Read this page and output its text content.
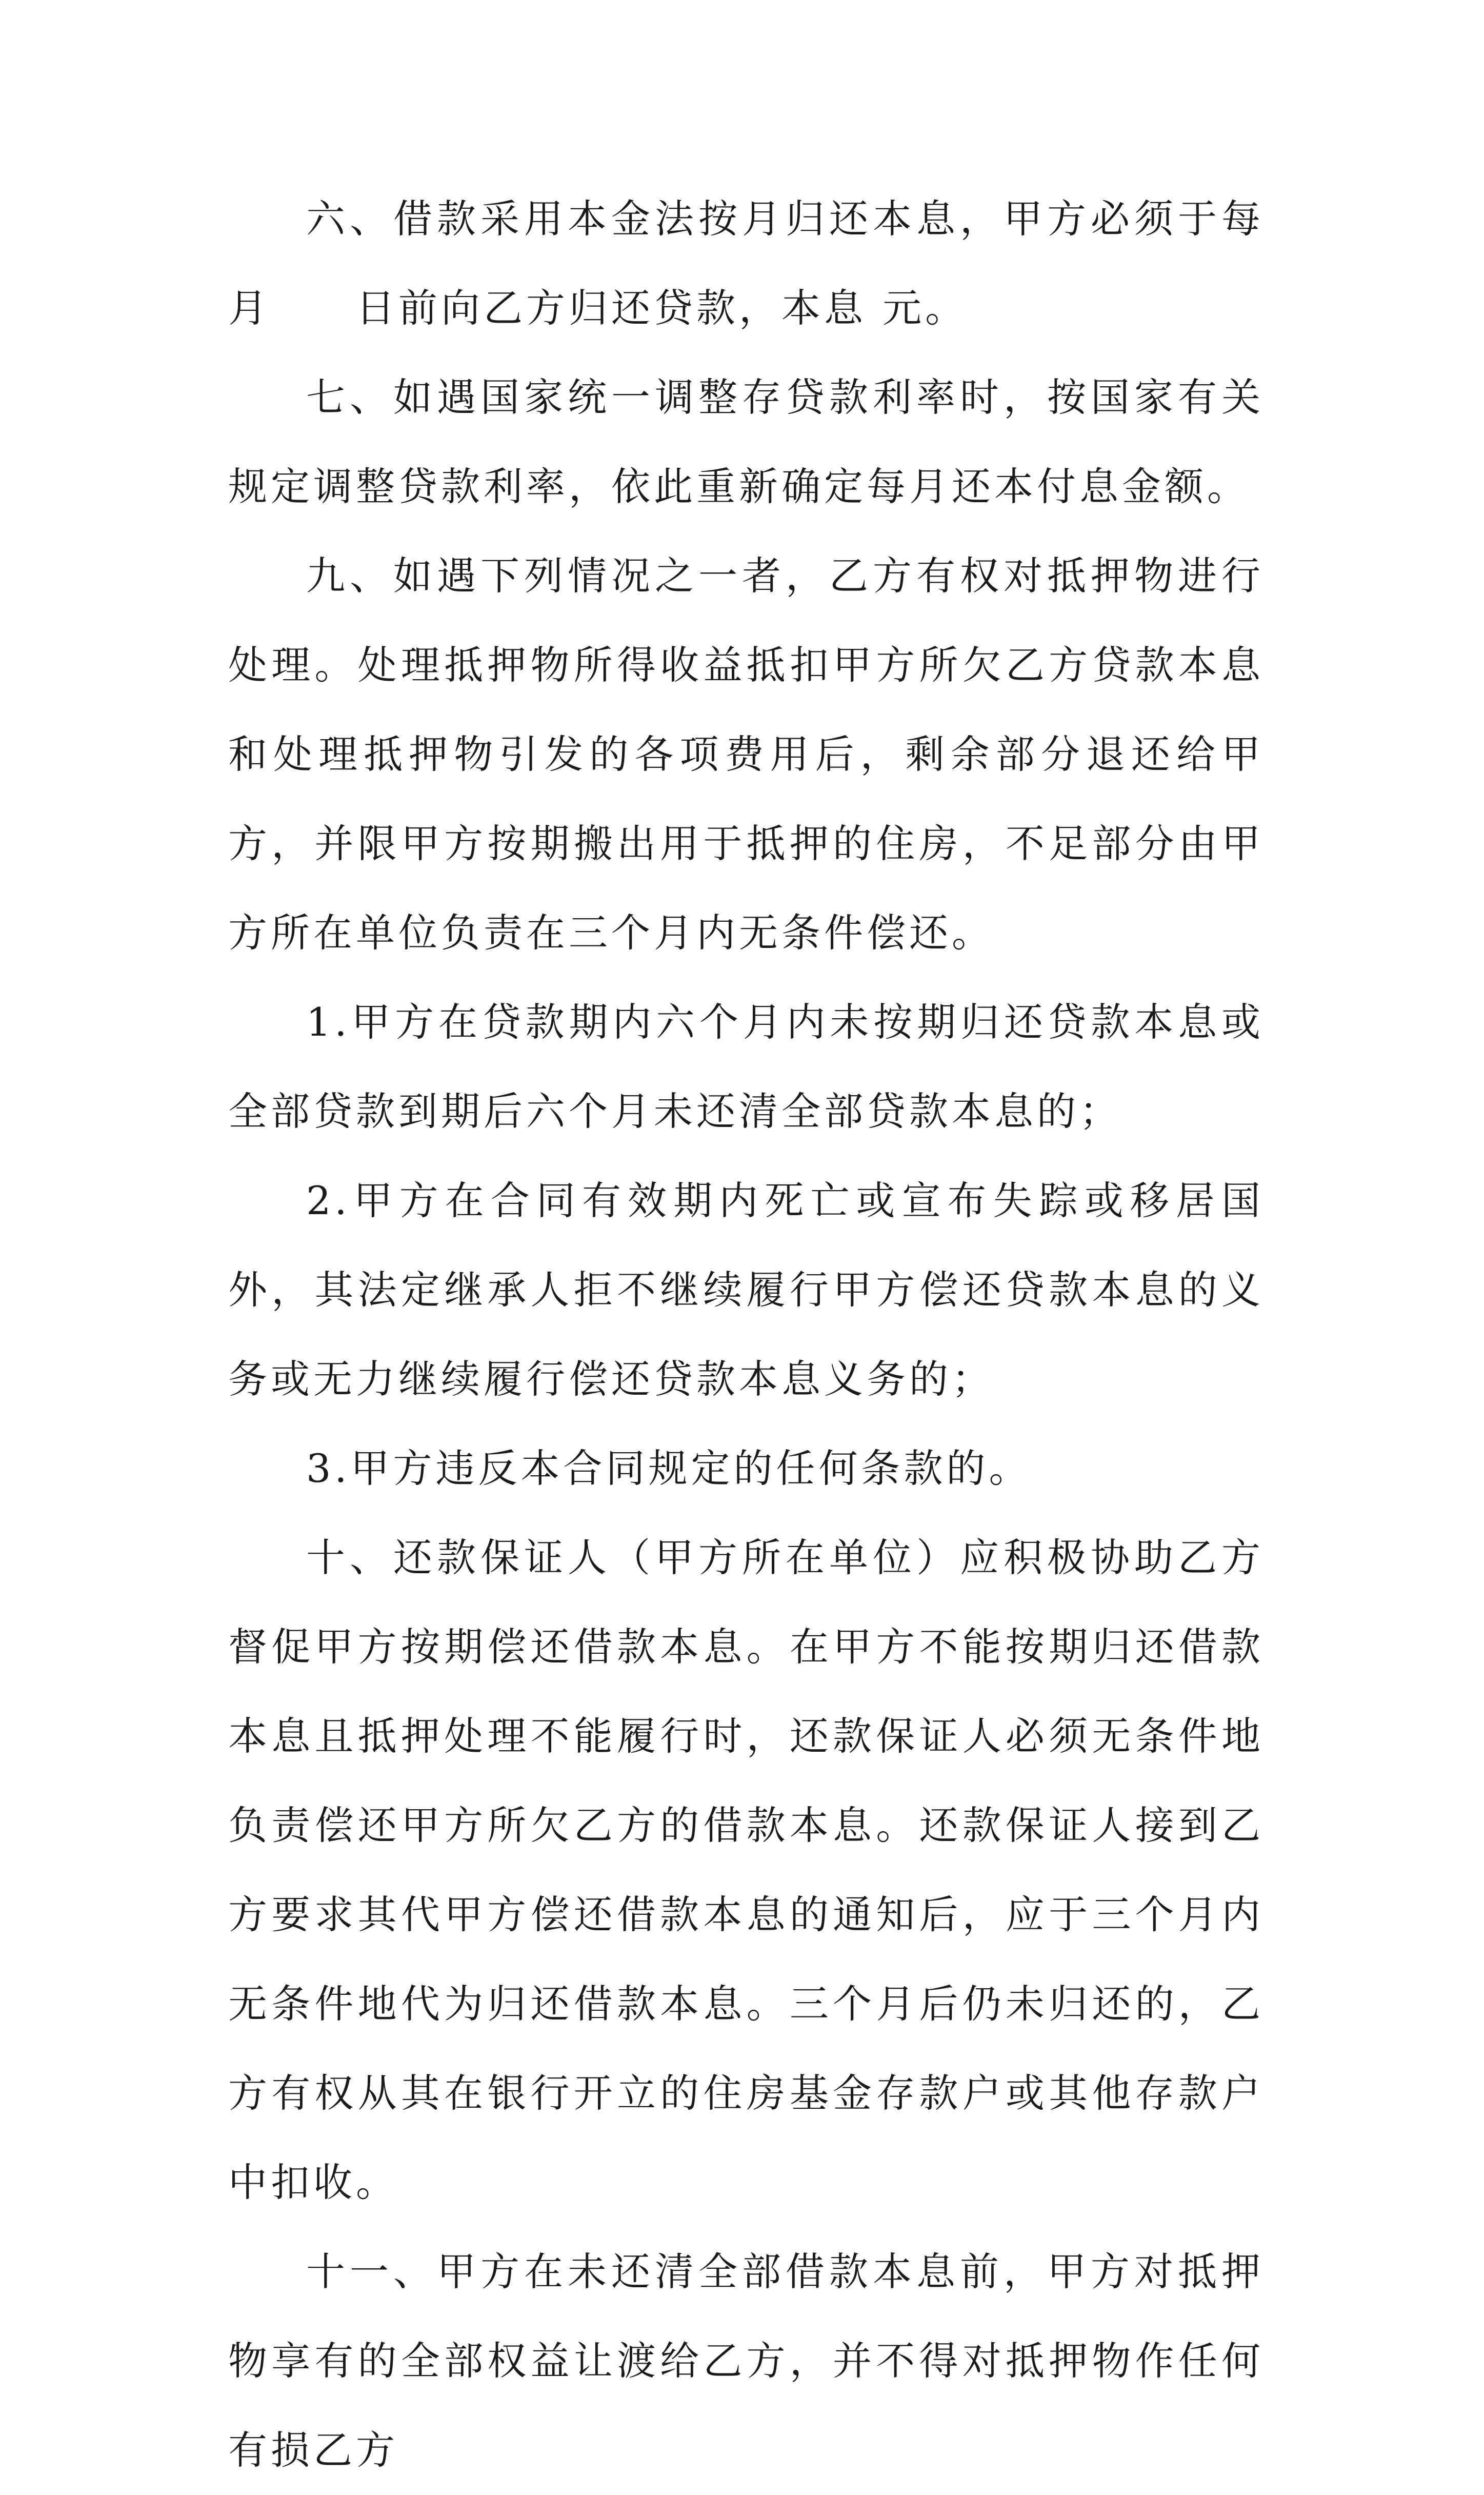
六、借款采用本金法按月归还本息，甲方必须于每月　　日前向乙方归还贷款，本息 元。

七、如遇国家统一调整存贷款利率时，按国家有关规定调整贷款利率，依此重新确定每月还本付息金额。

九、如遇下列情况之一者，乙方有权对抵押物进行处理。处理抵押物所得收益抵扣甲方所欠乙方贷款本息和处理抵押物引发的各项费用后，剩余部分退还给甲方，并限甲方按期搬出用于抵押的住房，不足部分由甲方所在单位负责在三个月内无条件偿还。

1.甲方在贷款期内六个月内未按期归还贷款本息或全部贷款到期后六个月未还清全部贷款本息的；

2.甲方在合同有效期内死亡或宣布失踪或移居国外，其法定继承人拒不继续履行甲方偿还贷款本息的义务或无力继续履行偿还贷款本息义务的；

3.甲方违反本合同规定的任何条款的。

十、还款保证人（甲方所在单位）应积极协助乙方督促甲方按期偿还借款本息。在甲方不能按期归还借款本息且抵押处理不能履行时，还款保证人必须无条件地负责偿还甲方所欠乙方的借款本息。还款保证人接到乙方要求其代甲方偿还借款本息的通知后，应于三个月内无条件地代为归还借款本息。三个月后仍未归还的，乙方有权从其在银行开立的住房基金存款户或其他存款户中扣收。

十一、甲方在未还清全部借款本息前，甲方对抵押物享有的全部权益让渡给乙方，并不得对抵押物作任何有损乙方
